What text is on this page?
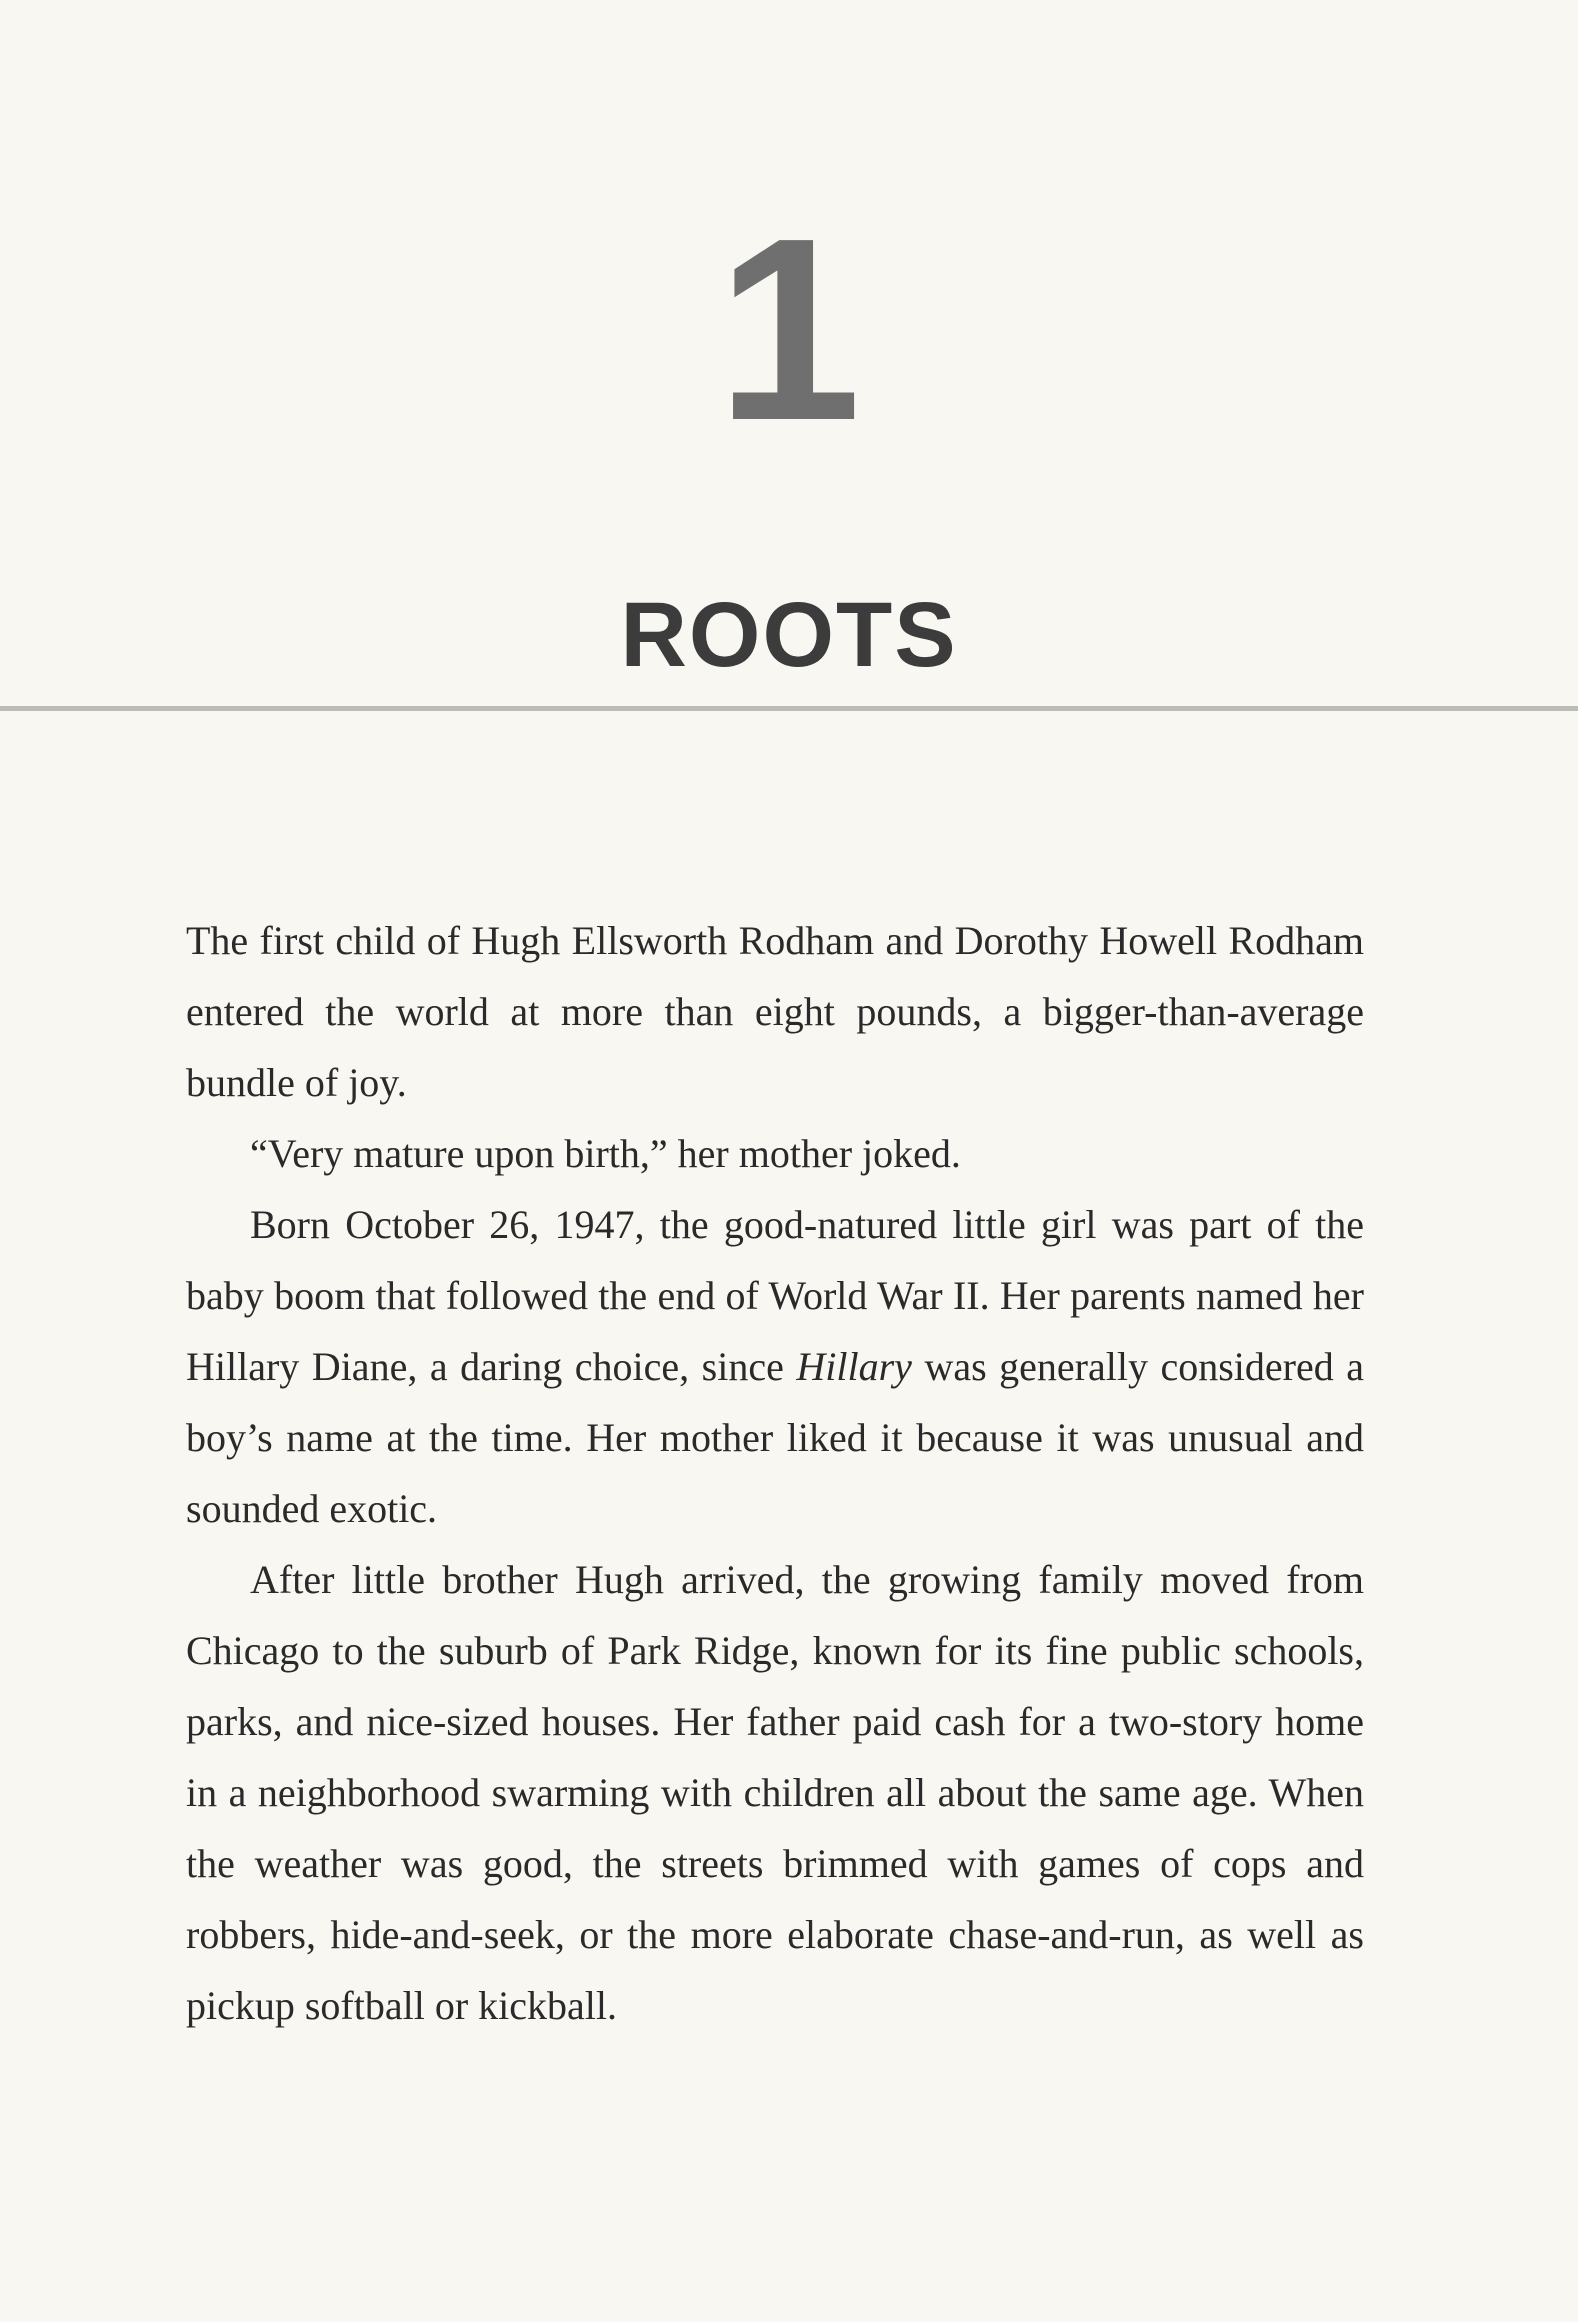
1
ROOTS

The first child of Hugh Ellsworth Rodham and Dorothy Howell Rodham entered the world at more than eight pounds, a bigger-than-average bundle of joy.

“Very mature upon birth,” her mother joked.

Born October 26, 1947, the good-natured little girl was part of the baby boom that followed the end of World War II. Her parents named her Hillary Diane, a daring choice, since Hillary was generally considered a boy’s name at the time. Her mother liked it because it was unusual and sounded exotic.

After little brother Hugh arrived, the growing family moved from Chicago to the suburb of Park Ridge, known for its fine public schools, parks, and nice-sized houses. Her father paid cash for a two-story home in a neighborhood swarming with children all about the same age. When the weather was good, the streets brimmed with games of cops and robbers, hide-and-seek, or the more elaborate chase-and-run, as well as pickup softball or kickball.
